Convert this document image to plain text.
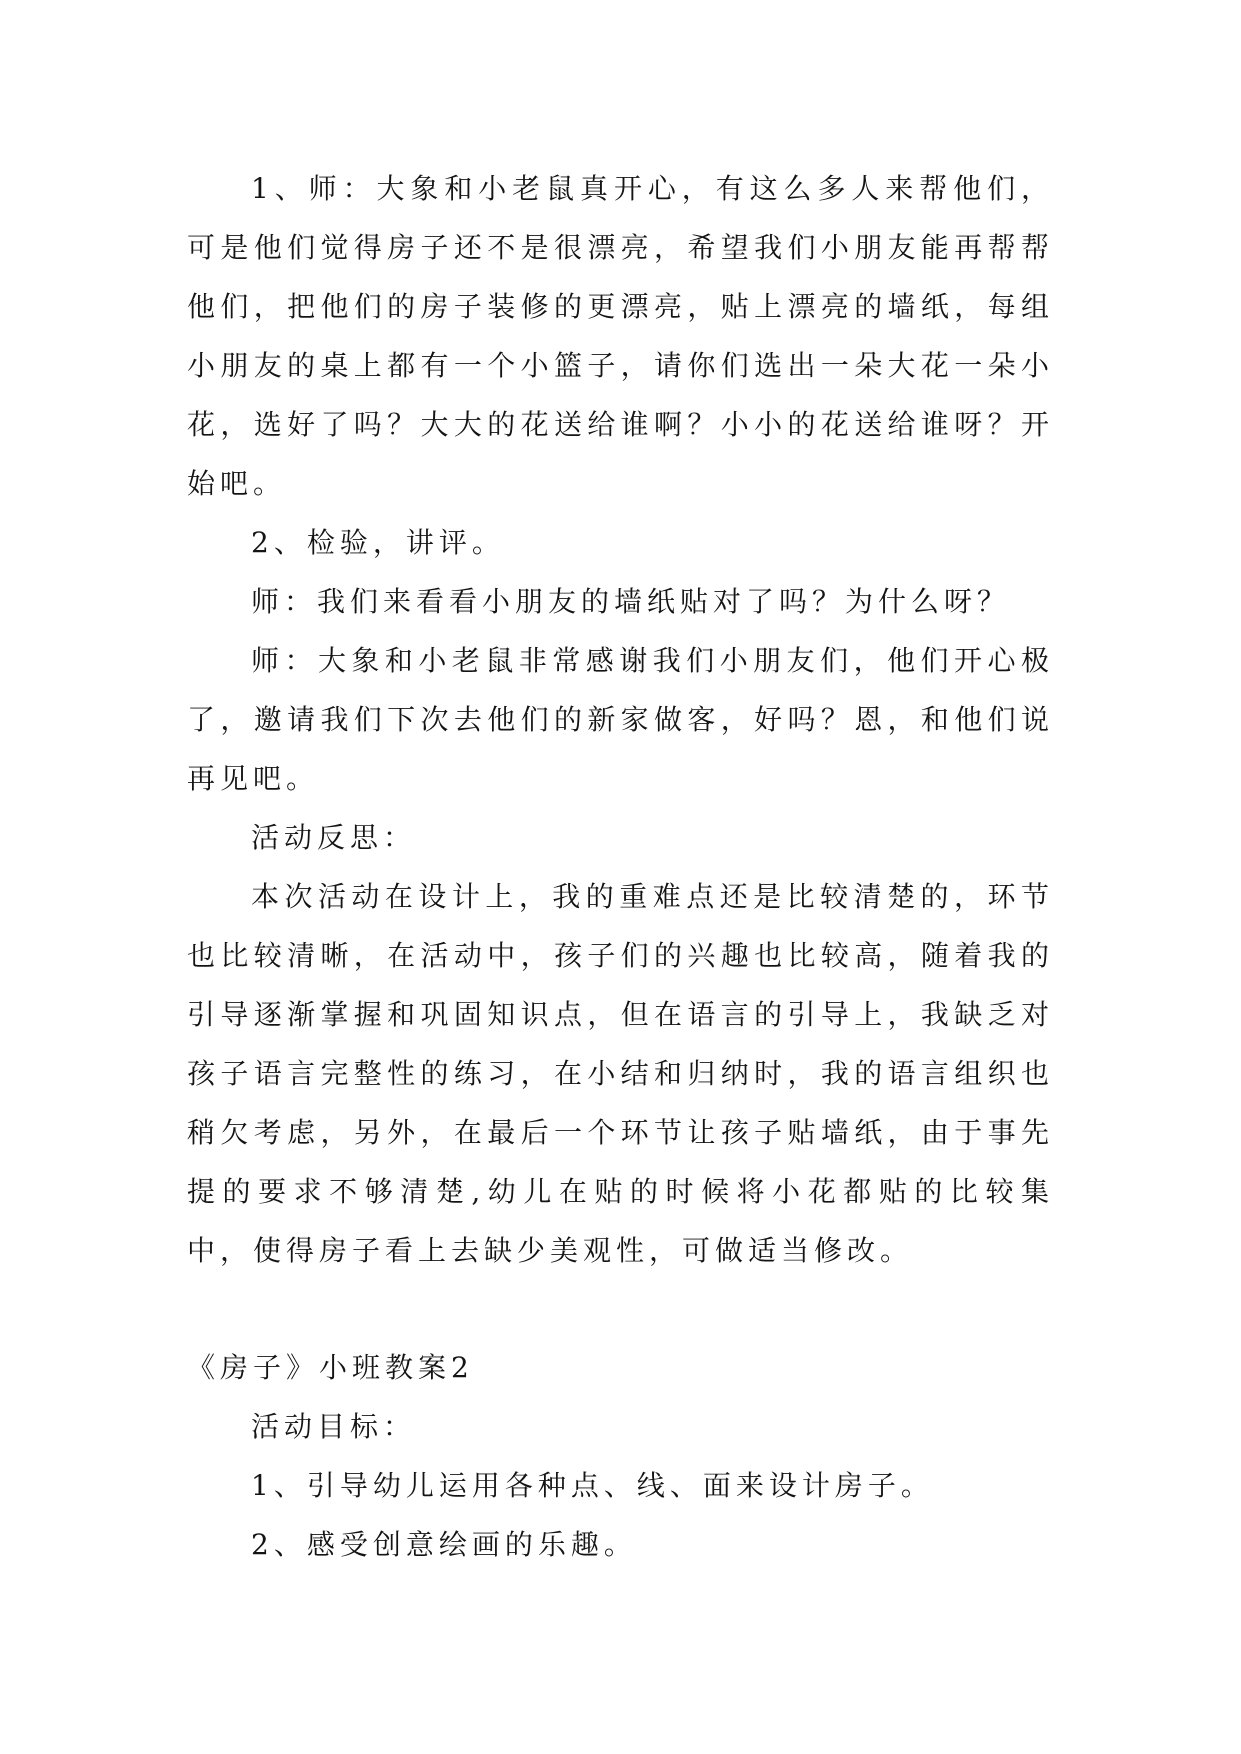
1、师：大象和小老鼠真开心，有这么多人来帮他们，可是他们觉得房子还不是很漂亮，希望我们小朋友能再帮帮他们，把他们的房子装修的更漂亮，贴上漂亮的墙纸，每组小朋友的桌上都有一个小篮子，请你们选出一朵大花一朵小花，选好了吗？大大的花送给谁啊？小小的花送给谁呀？开始吧。

2、检验，讲评。

师：我们来看看小朋友的墙纸贴对了吗？为什么呀？

师：大象和小老鼠非常感谢我们小朋友们，他们开心极了，邀请我们下次去他们的新家做客，好吗？恩，和他们说再见吧。

活动反思：

本次活动在设计上，我的重难点还是比较清楚的，环节也比较清晰，在活动中，孩子们的兴趣也比较高，随着我的引导逐渐掌握和巩固知识点，但在语言的引导上，我缺乏对孩子语言完整性的练习，在小结和归纳时，我的语言组织也稍欠考虑，另外，在最后一个环节让孩子贴墙纸，由于事先提的要求不够清楚,幼儿在贴的时候将小花都贴的比较集中，使得房子看上去缺少美观性，可做适当修改。

《房子》小班教案2

活动目标：

1、引导幼儿运用各种点、线、面来设计房子。

2、感受创意绘画的乐趣。
